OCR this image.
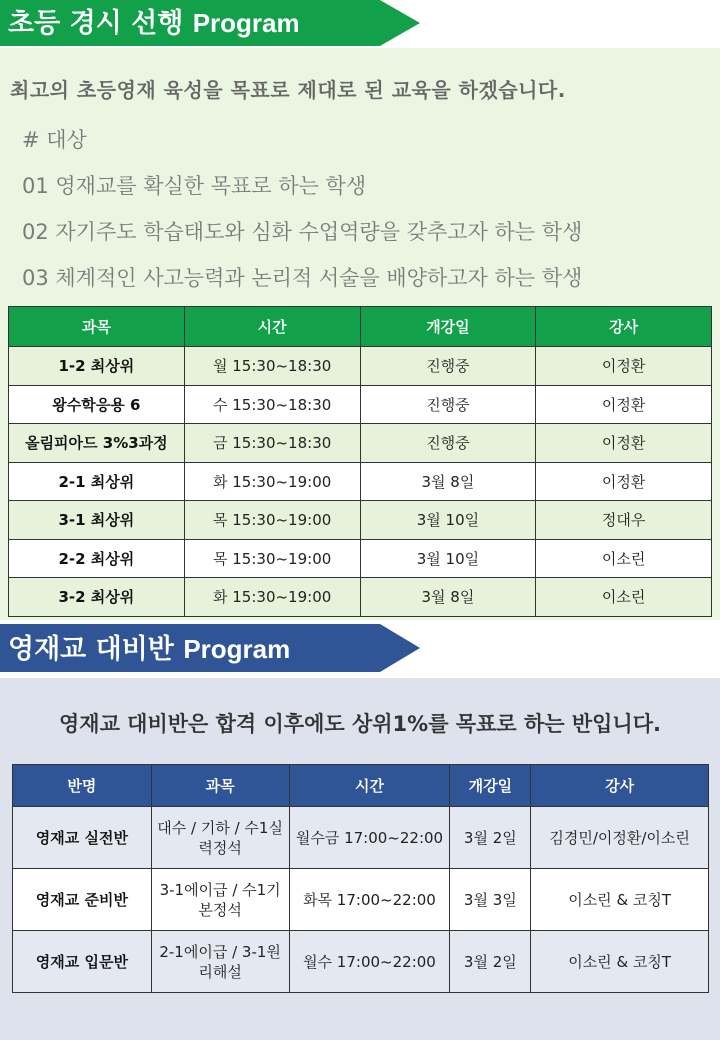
초등 경시 선행 Program
최고의 초등영재 육성을 목표로 제대로 된 교육을 하겠습니다.
# 대상
01 영재교를 확실한 목표로 하는 학생
02 자기주도 학습태도와 심화 수업역량을 갖추고자 하는 학생
03 체계적인 사고능력과 논리적 서술을 배양하고자 하는 학생
과목	시간	개강일	강사
1-2 최상위	월 15:30~18:30	진행중	이정환
왕수학응용 6	수 15:30~18:30	진행중	이정환
올림피아드 3%3과정	금 15:30~18:30	진행중	이정환
2-1 최상위	화 15:30~19:00	3월 8일	이정환
3-1 최상위	목 15:30~19:00	3월 10일	정대우
2-2 최상위	목 15:30~19:00	3월 10일	이소린
3-2 최상위	화 15:30~19:00	3월 8일	이소린
영재교 대비반 Program
영재교 대비반은 합격 이후에도 상위1%를 목표로 하는 반입니다.
반명	과목	시간	개강일	강사
영재교 실전반	대수 / 기하 / 수1실력정석	월수금 17:00~22:00	3월 2일	김경민/이정환/이소린
영재교 준비반	3-1에이급 / 수1기본정석	화목 17:00~22:00	3월 3일	이소린 & 코칭T
영재교 입문반	2-1에이급 / 3-1원리해설	월수 17:00~22:00	3월 2일	이소린 & 코칭T
